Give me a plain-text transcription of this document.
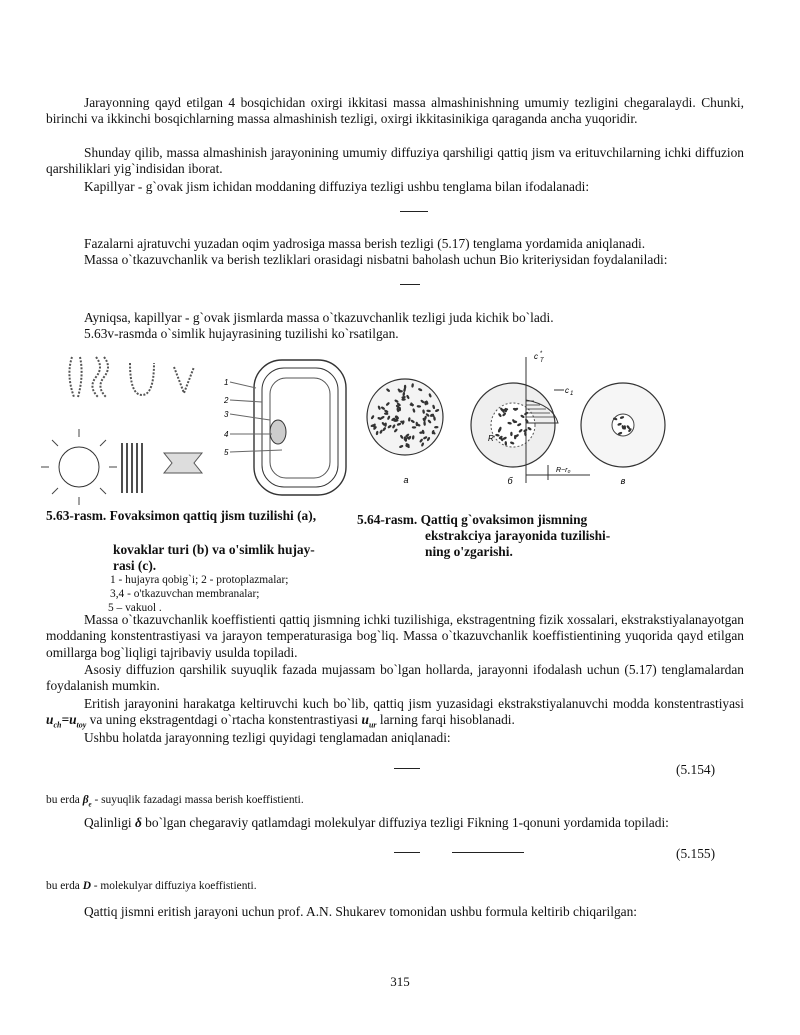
Jarayonning qayd etilgan 4 bosqichidan oxirgi ikkitasi massa almashinishning umumiy tezligini chegaralaydi. Chunki, birinchi va ikkinchi bosqichlarning massa almashinish tezligi, oxirgi ikkitasinikiga qaraganda ancha yuqoridir.
Shunday qilib, massa almashinish jarayonining umumiy diffuziya qarshiligi qattiq jism va erituvchilarning ichki diffuzion qarshiliklari yig`indisidan iborat.
Kapillyar - g`ovak jism ichidan moddaning diffuziya tezligi ushbu tenglama bilan ifodalanadi:
Fazalarni ajratuvchi yuzadan oqim yadrosiga massa berish tezligi (5.17) tenglama yordamida aniqlanadi.
Massa o`tkazuvchanlik va berish tezliklari orasidagi nisbatni baholash uchun Bio kriteriysidan foydalaniladi:
Ayniqsa, kapillyar - g`ovak jismlarda massa o`tkazuvchanlik tezligi juda kichik bo`ladi.
5.63v-rasmda o`simlik hujayrasining tuzilishi ko`rsatilgan.
1
2
3
4
5
a
c T
*
c 1
R
R−r₀
б	в
5.63-rasm. Fovaksimon qattiq jism tuzilishi (a),
kovaklar turi (b) va o'simlik hujay-
rasi (c).
1 - hujayra qobig`i; 2 - protoplazmalar;
3,4 - o'tkazuvchan membranalar;
5 – vakuol .
5.64-rasm. Qattiq g`ovaksimon jismning
ekstrakciya jarayonida tuzilishi-
ning o'zgarishi.
Massa o`tkazuvchanlik koeffistienti qattiq jismning ichki tuzilishiga, ekstragentning fizik xossalari, ekstrakstiyalanayotgan moddaning konstentrastiyasi va jarayon temperaturasiga bog`liq. Massa o`tkazuvchanlik koeffistientining yuqorida qayd etilgan omillarga bog`liqligi tajribaviy usulda topiladi.
Asosiy diffuzion qarshilik suyuqlik fazada mujassam bo`lgan hollarda, jarayonni ifodalash uchun (5.17) tenglamalardan foydalanish mumkin.
Eritish jarayonini harakatga keltiruvchi kuch bo`lib, qattiq jism yuzasidagi ekstrakstiyalanuvchi modda konstentrastiyasi $u_{ch}=u_{toy}$ va uning ekstragentdagi o`rtacha konstentrastiyasi $u_{ur}$ larning farqi hisoblanadi.
Ushbu holatda jarayonning tezligi quyidagi tenglamadan aniqlanadi:
(5.154)
bu erda $\beta_e$ - suyuqlik fazadagi massa berish koeffistienti.
Qalinligi δ bo`lgan chegaraviy qatlamdagi molekulyar diffuziya tezligi Fikning 1-qonuni yordamida topiladi:
(5.155)
bu erda D - molekulyar diffuziya koeffistienti.
Qattiq jismni eritish jarayoni uchun prof. A.N. Shukarev tomonidan ushbu formula keltirib chiqarilgan:
315
